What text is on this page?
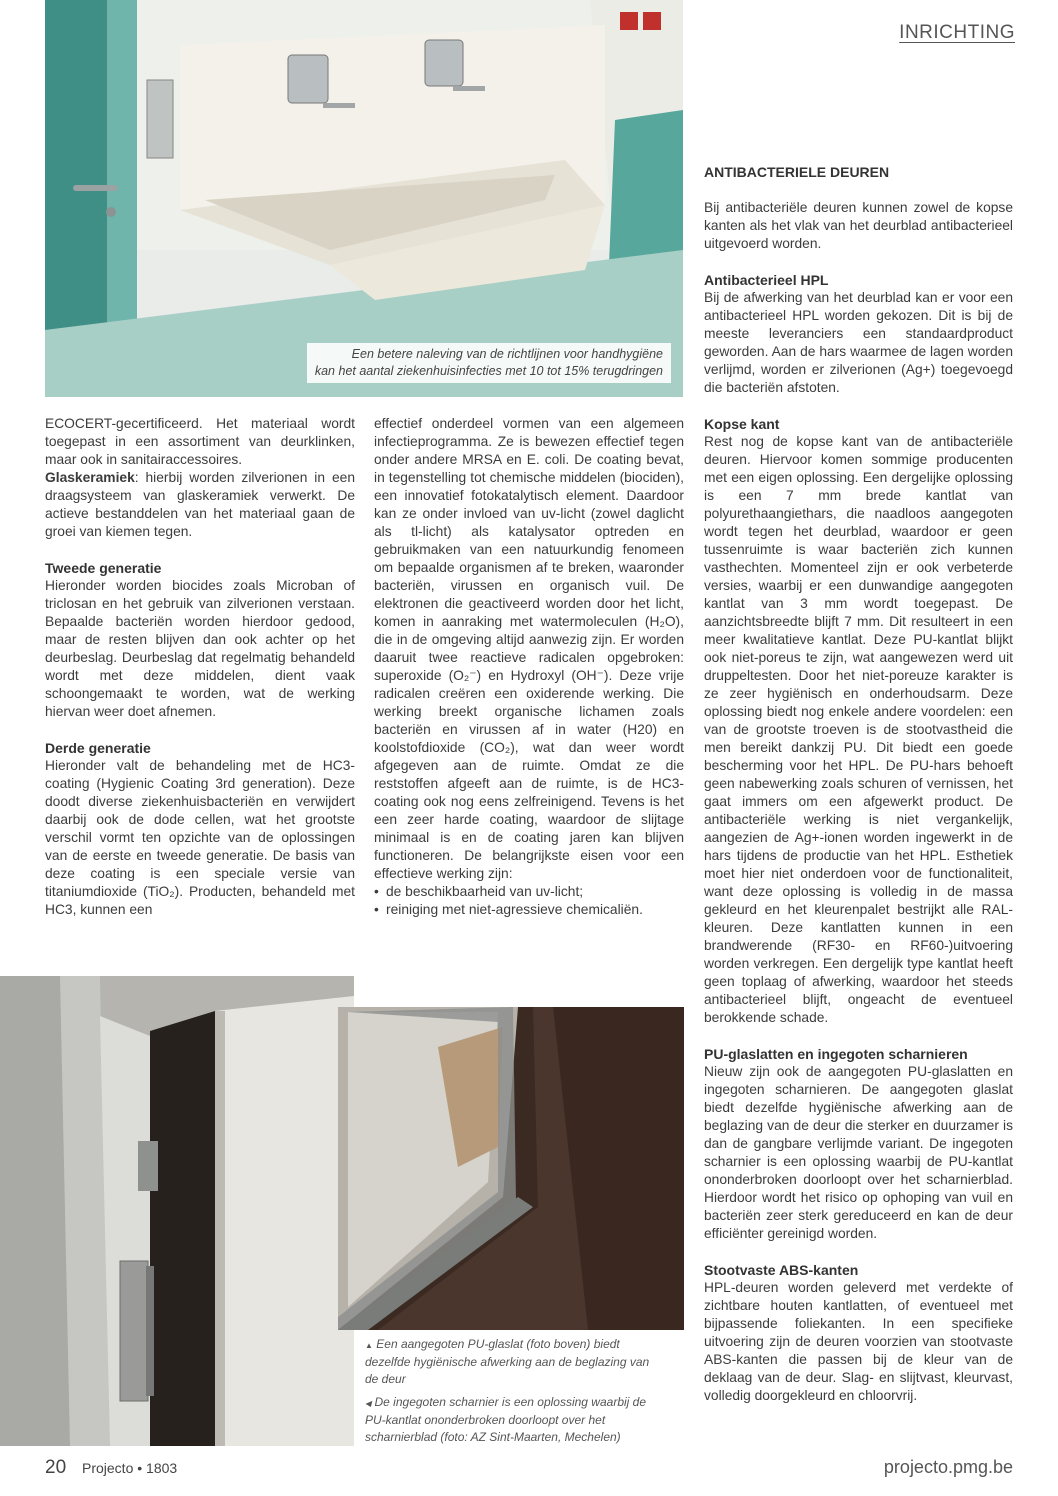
INRICHTING
Een betere naleving van de richtlijnen voor handhygiëne
kan het aantal ziekenhuisinfecties met 10 tot 15% terugdringen

ECOCERT-gecertificeerd. Het materiaal wordt toegepast in een assortiment van deurklinken, maar ook in sanitairaccessoires.
Glaskeramiek: hierbij worden zilverionen in een draagsysteem van glaskeramiek verwerkt. De actieve bestanddelen van het materiaal gaan de groei van kiemen tegen.

Tweede generatie

Hieronder worden biocides zoals Microban of triclosan en het gebruik van zilverionen verstaan. Bepaalde bacteriën worden hierdoor gedood, maar de resten blijven dan ook achter op het deurbeslag. Deurbeslag dat regelmatig behandeld wordt met deze middelen, dient vaak schoongemaakt te worden, wat de werking hiervan weer doet afnemen.

Derde generatie

Hieronder valt de behandeling met de HC3-coating (Hygienic Coating 3rd generation). Deze doodt diverse ziekenhuisbacteriën en verwijdert daarbij ook de dode cellen, wat het grootste verschil vormt ten opzichte van de oplossingen van de eerste en tweede generatie. De basis van deze coating is een speciale versie van titaniumdioxide (TiO₂). Producten, behandeld met HC3, kunnen een

effectief onderdeel vormen van een algemeen infectieprogramma. Ze is bewezen effectief tegen onder andere MRSA en E. coli. De coating bevat, in tegenstelling tot chemische middelen (biociden), een innovatief fotokatalytisch element. Daardoor kan ze onder invloed van uv-licht (zowel daglicht als tl-licht) als katalysator optreden en gebruikmaken van een natuurkundig fenomeen om bepaalde organismen af te breken, waaronder bacteriën, virussen en organisch vuil. De elektronen die geactiveerd worden door het licht, komen in aanraking met watermoleculen (H₂O), die in de omgeving altijd aanwezig zijn. Er worden daaruit twee reactieve radicalen opgebroken: superoxide (O₂⁻) en Hydroxyl (OH⁻). Deze vrije radicalen creëren een oxiderende werking. Die werking breekt organische lichamen zoals bacteriën en virussen af in water (H20) en koolstofdioxide (CO₂), wat dan weer wordt afgegeven aan de ruimte. Omdat ze die reststoffen afgeeft aan de ruimte, is de HC3-coating ook nog eens zelfreinigend. Tevens is het een zeer harde coating, waardoor de slijtage minimaal is en de coating jaren kan blijven functioneren. De belangrijkste eisen voor een effectieve werking zijn:

• de beschikbaarheid van uv-licht;
• reiniging met niet-agressieve chemicaliën.
ANTIBACTERIELE DEUREN

Bij antibacteriële deuren kunnen zowel de kopse kanten als het vlak van het deurblad antibacterieel uitgevoerd worden.

Antibacterieel HPL

Bij de afwerking van het deurblad kan er voor een antibacterieel HPL worden gekozen. Dit is bij de meeste leveranciers een standaardproduct geworden. Aan de hars waarmee de lagen worden verlijmd, worden er zilverionen (Ag+) toegevoegd die bacteriën afstoten.

Kopse kant

Rest nog de kopse kant van de antibacteriële deuren. Hiervoor komen sommige producenten met een eigen oplossing. Een dergelijke oplossing is een 7 mm brede kantlat van polyurethaangiethars, die naadloos aangegoten wordt tegen het deurblad, waardoor er geen tussenruimte is waar bacteriën zich kunnen vasthechten. Momenteel zijn er ook verbeterde versies, waarbij er een dunwandige aangegoten kantlat van 3 mm wordt toegepast. De aanzichtsbreedte blijft 7 mm. Dit resulteert in een meer kwalitatieve kantlat. Deze PU-kantlat blijkt ook niet-poreus te zijn, wat aangewezen werd uit druppeltesten. Door het niet-poreuze karakter is ze zeer hygiënisch en onderhoudsarm. Deze oplossing biedt nog enkele andere voordelen: een van de grootste troeven is de stootvastheid die men bereikt dankzij PU. Dit biedt een goede bescherming voor het HPL. De PU-hars behoeft geen nabewerking zoals schuren of vernissen, het gaat immers om een afgewerkt product. De antibacteriële werking is niet vergankelijk, aangezien de Ag+-ionen worden ingewerkt in de hars tijdens de productie van het HPL. Esthetiek moet hier niet onderdoen voor de functionaliteit, want deze oplossing is volledig in de massa gekleurd en het kleurenpalet bestrijkt alle RAL-kleuren. Deze kantlatten kunnen in een brandwerende (RF30- en RF60-)uitvoering worden verkregen. Een dergelijk type kantlat heeft geen toplaag of afwerking, waardoor het steeds antibacterieel blijft, ongeacht de eventueel berokkende schade.

PU-glaslatten en ingegoten scharnieren

Nieuw zijn ook de aangegoten PU-glaslatten en ingegoten scharnieren. De aangegoten glaslat biedt dezelfde hygiënische afwerking aan de beglazing van de deur die sterker en duurzamer is dan de gangbare verlijmde variant. De ingegoten scharnier is een oplossing waarbij de PU-kantlat ononderbroken doorloopt over het scharnierblad. Hierdoor wordt het risico op ophoping van vuil en bacteriën zeer sterk gereduceerd en kan de deur efficiënter gereinigd worden.

Stootvaste ABS-kanten

HPL-deuren worden geleverd met verdekte of zichtbare houten kantlatten, of eventueel met bijpassende foliekanten. In een specifieke uitvoering zijn de deuren voorzien van stootvaste ABS-kanten die passen bij de kleur van de deklaag van de deur. Slag- en slijtvast, kleurvast, volledig doorgekleurd en chloorvrij.

▲ Een aangegoten PU-glaslat (foto boven) biedt dezelfde hygiënische afwerking aan de beglazing van de deur

◀ De ingegoten scharnier is een oplossing waarbij de PU-kantlat ononderbroken doorloopt over het scharnierblad (foto: AZ Sint-Maarten, Mechelen)

20 Projecto • 1803	projecto.pmg.be
